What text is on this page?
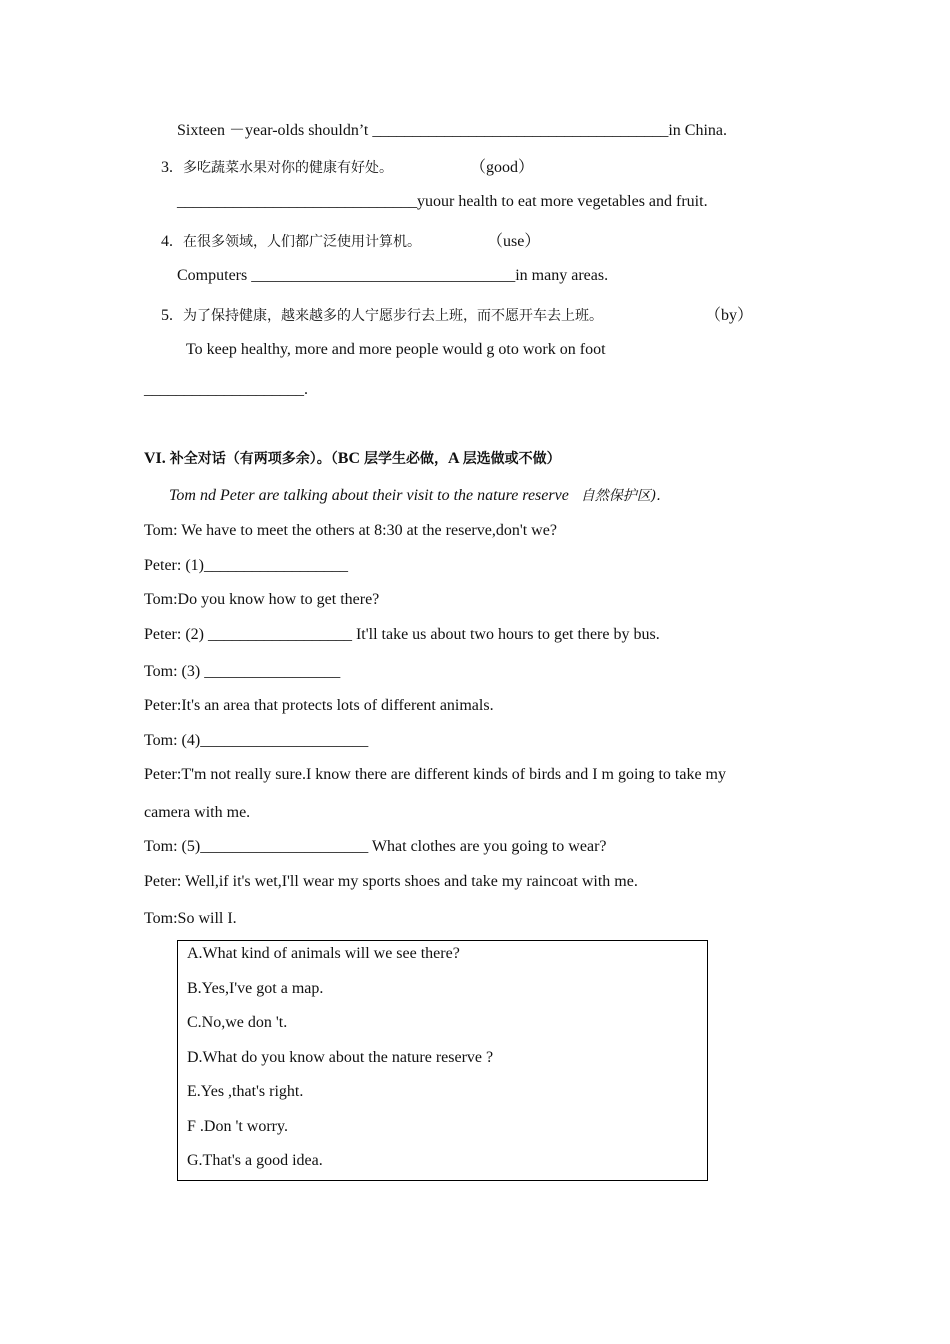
Sixteen －year-olds shouldn’t _____________________________________in China.
3. 多吃蔬菜水果对你的健康有好处。	（good）
______________________________yuour health to eat more vegetables and fruit.
4. 在很多领域，人们都广泛使用计算机。	（use）
Computers _________________________________in many areas.
5. 为了保持健康，越来越多的人宁愿步行去上班，而不愿开车去上班。	（by）
To keep healthy, more and more people would g oto work on foot
____________________.
VI. 补全对话（有两项多余）。（BC 层学生必做，A 层选做或不做）
Tom nd Peter are talking about their visit to the nature reserve 自然保护区).
Tom: We have to meet the others at 8:30 at the reserve,don't we?
Peter: (1)__________________
Tom:Do you know how to get there?
Peter: (2) __________________ It'll take us about two hours to get there by bus.
Tom: (3) _________________
Peter:It's an area that protects lots of different animals.
Tom: (4)_____________________
Peter:T'm not really sure.I know there are different kinds of birds and I m going to take my
camera with me.
Tom: (5)_____________________ What clothes are you going to wear?
Peter: Well,if it's wet,I'll wear my sports shoes and take my raincoat with me.
Tom:So will I.
A.What kind of animals will we see there?
B.Yes,I've got a map.
C.No,we don 't.
D.What do you know about the nature reserve ?
E.Yes ,that's right.
F .Don 't worry.
G.That's a good idea.
